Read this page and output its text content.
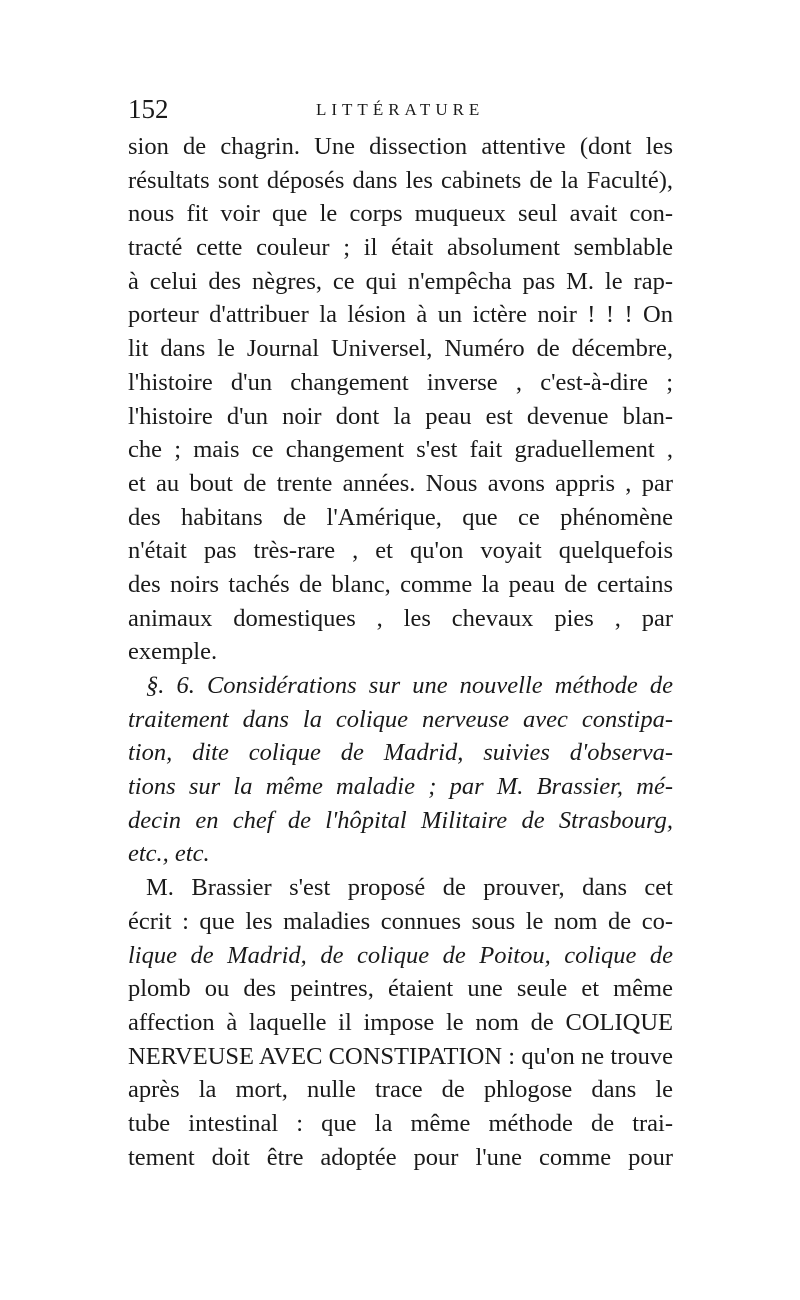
152	LITTÉRATURE
sion de chagrin. Une dissection attentive (dont les
résultats sont déposés dans les cabinets de la Faculté),
nous fit voir que le corps muqueux seul avait con-
tracté cette couleur ; il était absolument semblable
à celui des nègres, ce qui n'empêcha pas M. le rap-
porteur d'attribuer la lésion à un ictère noir ! ! ! On
lit dans le Journal Universel, Numéro de décembre,
l'histoire d'un changement inverse , c'est-à-dire ;
l'histoire d'un noir dont la peau est devenue blan-
che ; mais ce changement s'est fait graduellement ,
et au bout de trente années. Nous avons appris , par
des habitans de l'Amérique, que ce phénomène
n'était pas très-rare , et qu'on voyait quelquefois
des noirs tachés de blanc, comme la peau de certains
animaux domestiques , les chevaux pies , par
exemple.
§. 6. Considérations sur une nouvelle méthode de
traitement dans la colique nerveuse avec constipa-
tion, dite colique de Madrid, suivies d'observa-
tions sur la même maladie ; par M. Brassier, mé-
decin en chef de l'hôpital Militaire de Strasbourg,
etc., etc.
M. Brassier s'est proposé de prouver, dans cet
écrit : que les maladies connues sous le nom de co-
lique de Madrid, de colique de Poitou, colique de
plomb ou des peintres, étaient une seule et même
affection à laquelle il impose le nom de COLIQUE
NERVEUSE AVEC CONSTIPATION : qu'on ne trouve
après la mort, nulle trace de phlogose dans le
tube intestinal : que la même méthode de trai-
tement doit être adoptée pour l'une comme pour
